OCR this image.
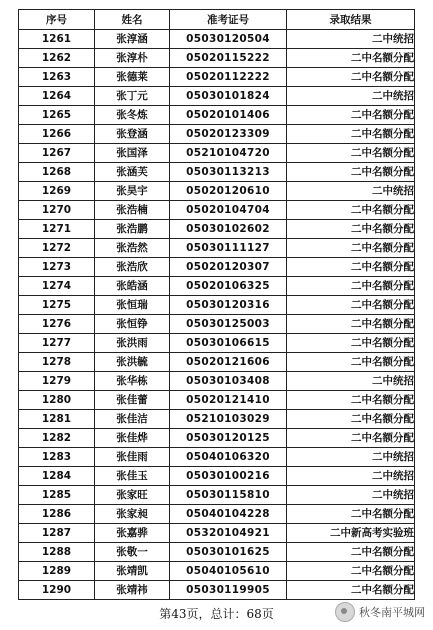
序号	姓名	准考证号	录取结果
1261	张淳涵	05030120504	二中统招
1262	张淳朴	05020115222	二中名额分配
1263	张德莱	05020112222	二中名额分配
1264	张丁元	05030101824	二中统招
1265	张冬炼	05020101406	二中名额分配
1266	张登涵	05020123309	二中名额分配
1267	张国泽	05210104720	二中名额分配
1268	张涵芙	05030113213	二中名额分配
1269	张昊宇	05020120610	二中统招
1270	张浩楠	05020104704	二中名额分配
1271	张浩鹏	05030102602	二中名额分配
1272	张浩然	05030111127	二中名额分配
1273	张浩欣	05020120307	二中名额分配
1274	张皓涵	05020106325	二中名额分配
1275	张恒瑞	05030120316	二中名额分配
1276	张恒铮	05030125003	二中名额分配
1277	张洪雨	05030106615	二中名额分配
1278	张洪毓	05020121606	二中名额分配
1279	张华栋	05030103408	二中统招
1280	张佳蕾	05020121410	二中名额分配
1281	张佳洁	05210103029	二中名额分配
1282	张佳烨	05030120125	二中名额分配
1283	张佳雨	05040106320	二中统招
1284	张佳玉	05030100216	二中统招
1285	张家旺	05030115810	二中统招
1286	张家昶	05040104228	二中名额分配
1287	张嘉骅	05320104921	二中新高考实验班
1288	张敬一	05030101625	二中名额分配
1289	张靖凯	05040105610	二中名额分配
1290	张靖祎	05030119905	二中名额分配
第43页，总计：68页	秋冬南平城网
